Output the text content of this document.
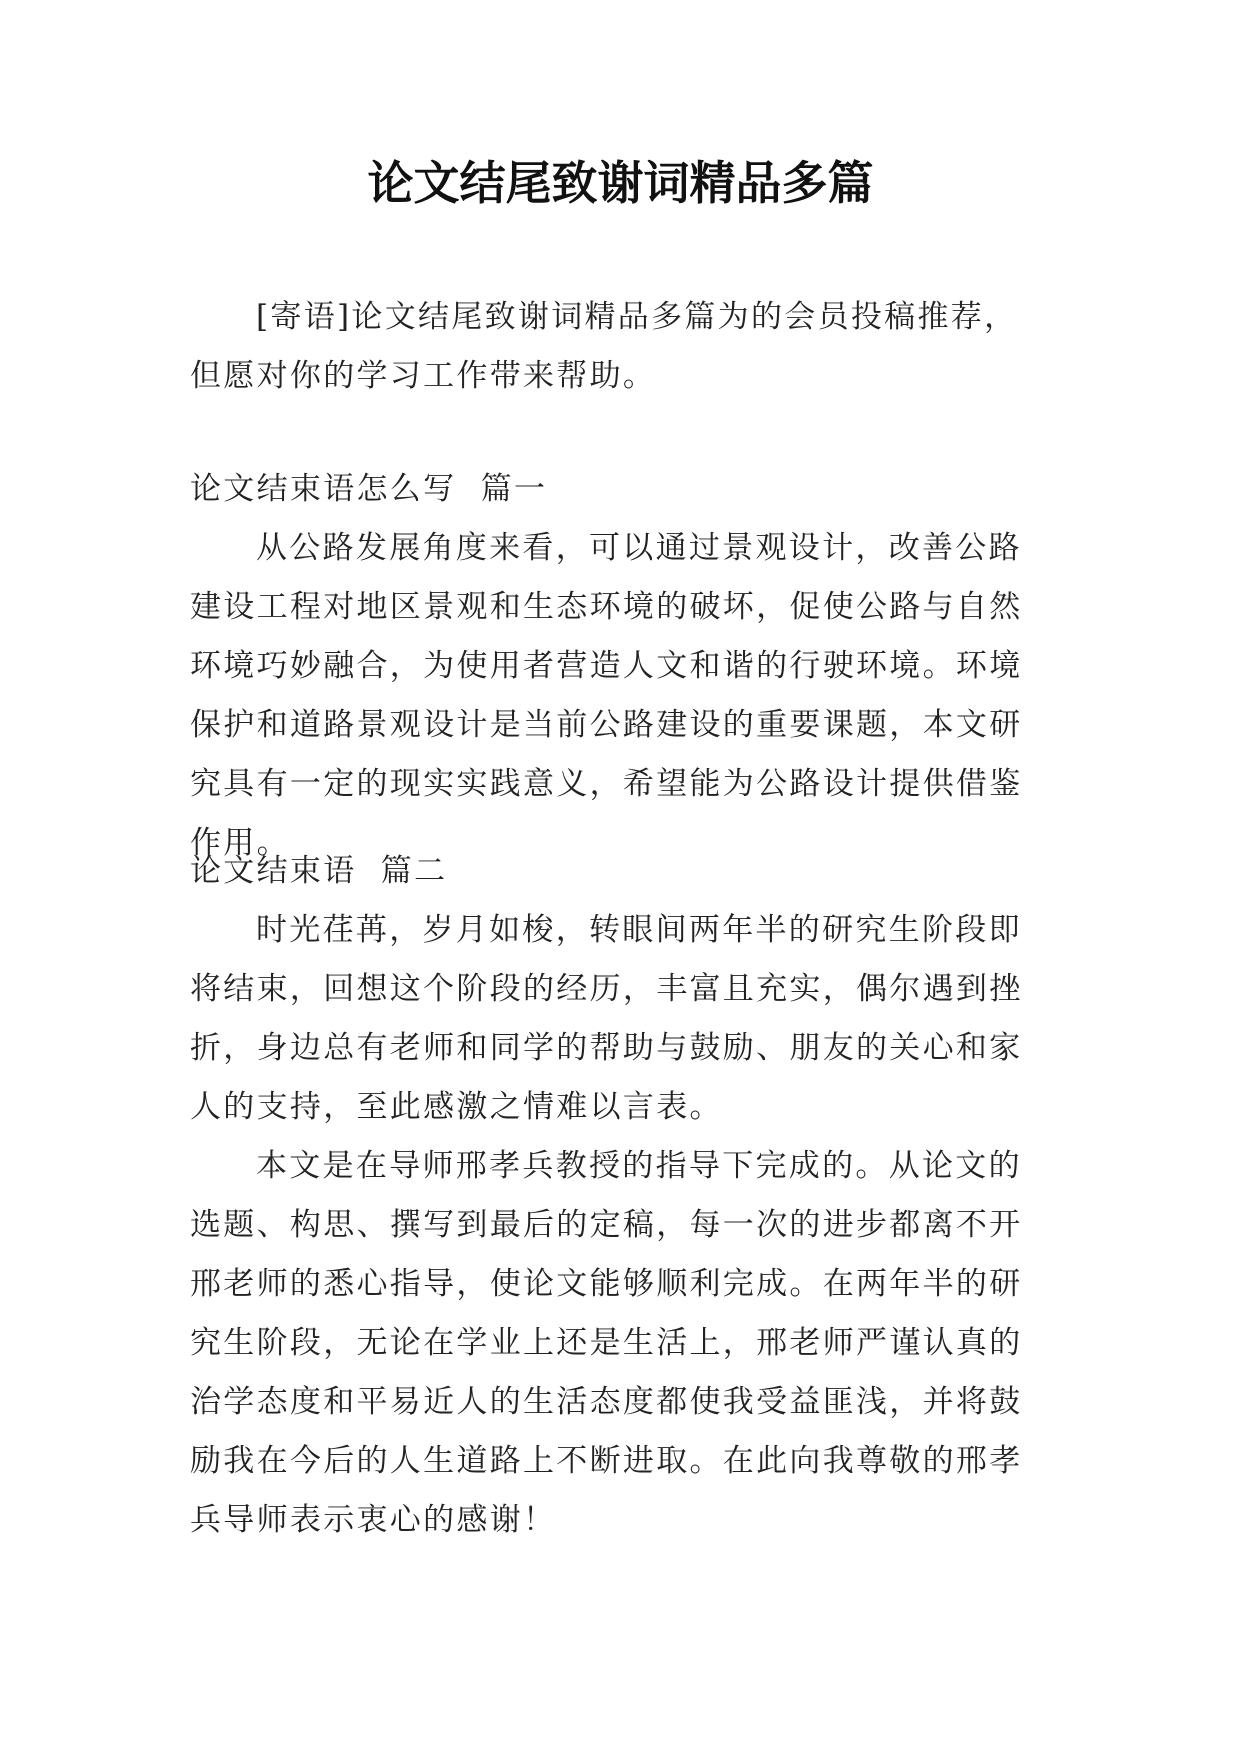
论文结尾致谢词精品多篇

[寄语]论文结尾致谢词精品多篇为的会员投稿推荐，但愿对你的学习工作带来帮助。

论文结束语怎么写  篇一

从公路发展角度来看，可以通过景观设计，改善公路建设工程对地区景观和生态环境的破坏，促使公路与自然环境巧妙融合，为使用者营造人文和谐的行驶环境。环境保护和道路景观设计是当前公路建设的重要课题，本文研究具有一定的现实实践意义，希望能为公路设计提供借鉴作用。

论文结束语  篇二

时光荏苒，岁月如梭，转眼间两年半的研究生阶段即将结束，回想这个阶段的经历，丰富且充实，偶尔遇到挫折，身边总有老师和同学的帮助与鼓励、朋友的关心和家人的支持，至此感激之情难以言表。

本文是在导师邢孝兵教授的指导下完成的。从论文的选题、构思、撰写到最后的定稿，每一次的进步都离不开邢老师的悉心指导，使论文能够顺利完成。在两年半的研究生阶段，无论在学业上还是生活上，邢老师严谨认真的治学态度和平易近人的生活态度都使我受益匪浅，并将鼓励我在今后的人生道路上不断进取。在此向我尊敬的邢孝兵导师表示衷心的感谢！
